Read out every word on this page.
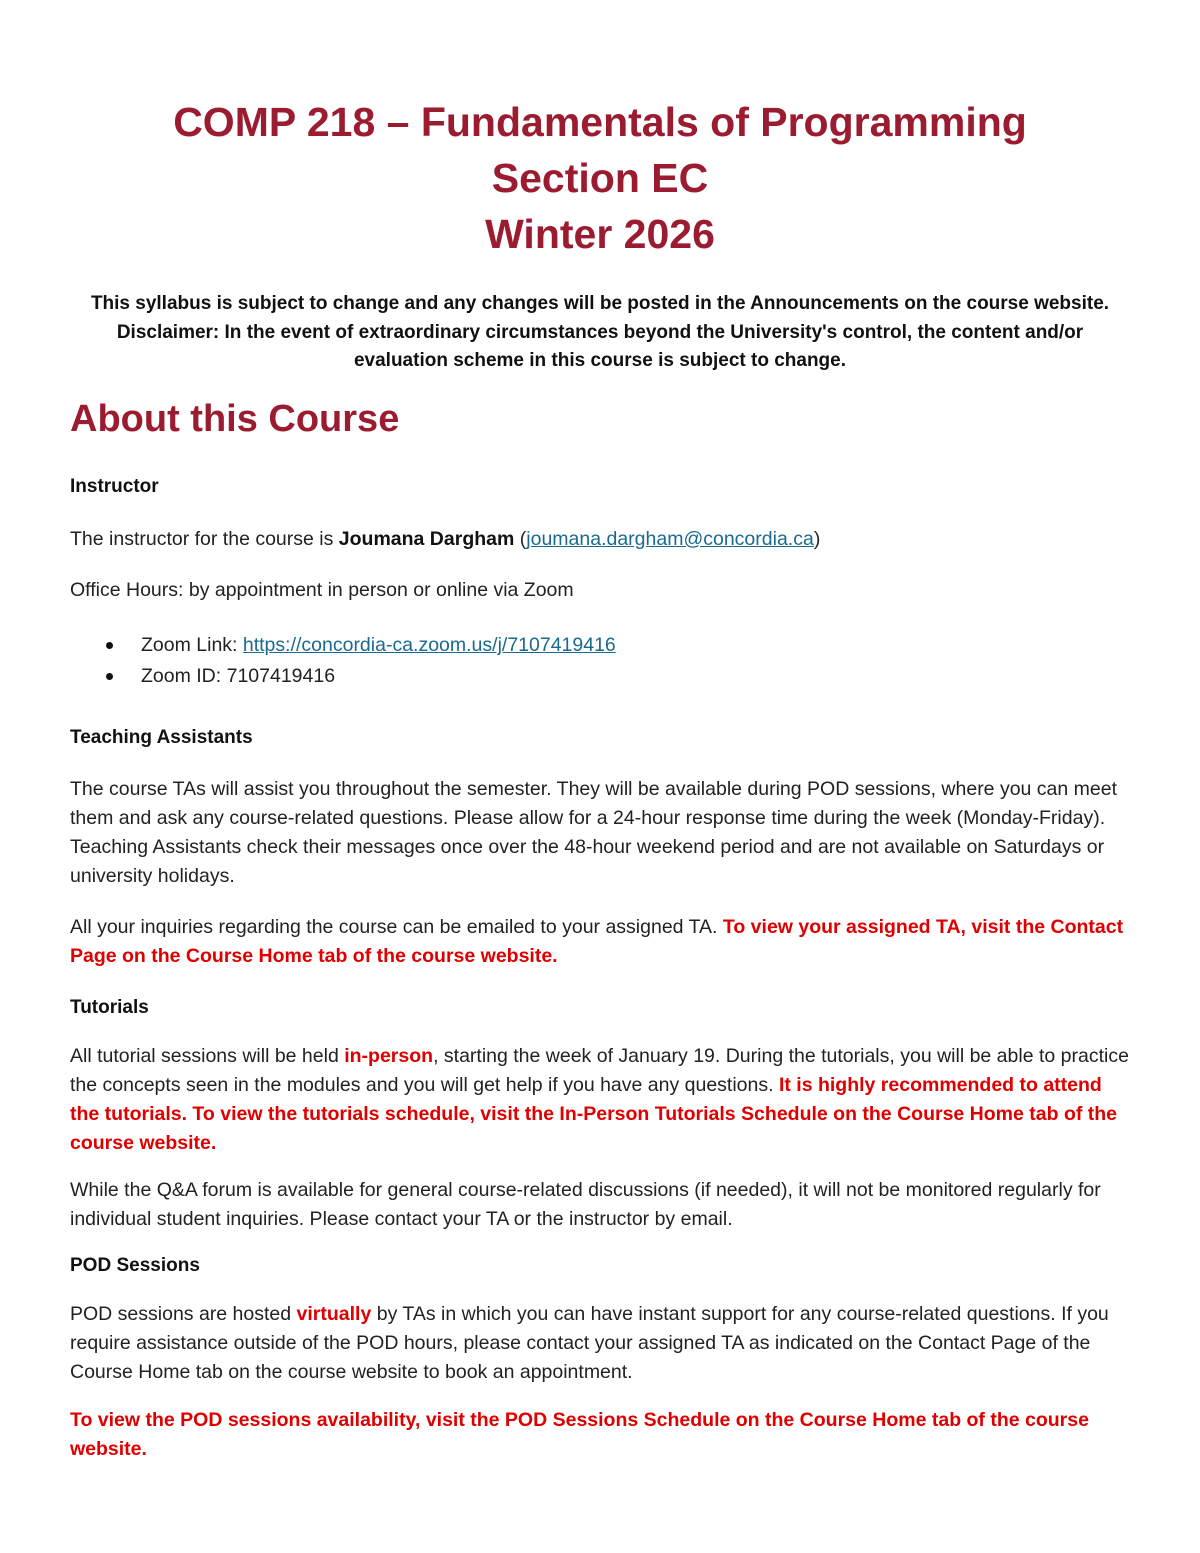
COMP 218 – Fundamentals of Programming
Section EC
Winter 2026
This syllabus is subject to change and any changes will be posted in the Announcements on the course website. Disclaimer: In the event of extraordinary circumstances beyond the University's control, the content and/or evaluation scheme in this course is subject to change.
About this Course
Instructor

The instructor for the course is Joumana Dargham (joumana.dargham@concordia.ca)

Office Hours: by appointment in person or online via Zoom

Zoom Link: https://concordia-ca.zoom.us/j/7107419416
Zoom ID: 7107419416
Teaching Assistants

The course TAs will assist you throughout the semester. They will be available during POD sessions, where you can meet them and ask any course-related questions. Please allow for a 24-hour response time during the week (Monday-Friday). Teaching Assistants check their messages once over the 48-hour weekend period and are not available on Saturdays or university holidays.

All your inquiries regarding the course can be emailed to your assigned TA. To view your assigned TA, visit the Contact Page on the Course Home tab of the course website.

Tutorials

All tutorial sessions will be held in-person, starting the week of January 19. During the tutorials, you will be able to practice the concepts seen in the modules and you will get help if you have any questions. It is highly recommended to attend the tutorials. To view the tutorials schedule, visit the In-Person Tutorials Schedule on the Course Home tab of the course website.

While the Q&A forum is available for general course-related discussions (if needed), it will not be monitored regularly for individual student inquiries. Please contact your TA or the instructor by email.

POD Sessions

POD sessions are hosted virtually by TAs in which you can have instant support for any course-related questions. If you require assistance outside of the POD hours, please contact your assigned TA as indicated on the Contact Page of the Course Home tab on the course website to book an appointment.

To view the POD sessions availability, visit the POD Sessions Schedule on the Course Home tab of the course website.
